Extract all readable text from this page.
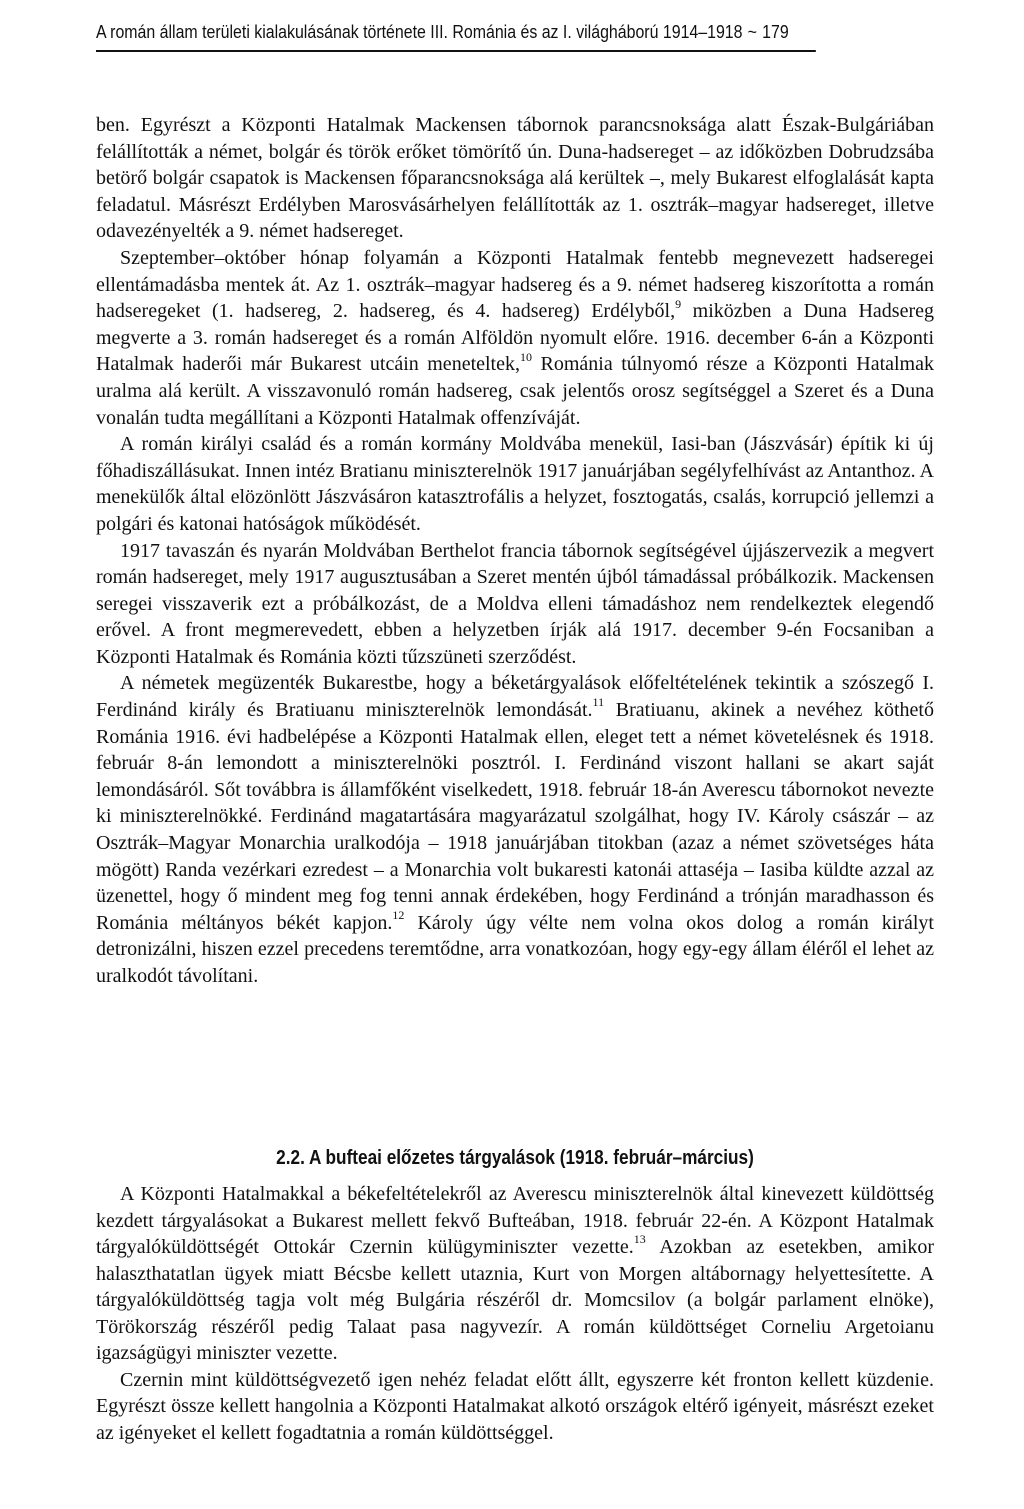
A román állam területi kialakulásának története III. Románia és az I. világháború 1914–1918 ~ 179

ben. Egyrészt a Központi Hatalmak Mackensen tábornok parancsnoksága alatt Észak-Bulgáriában felállították a német, bolgár és török erőket tömörítő ún. Duna-hadsereget – az időközben Dobrudzsába betörő bolgár csapatok is Mackensen főparancsnoksága alá kerültek –, mely Bukarest elfoglalását kapta feladatul. Másrészt Erdélyben Marosvásárhelyen felállították az 1. osztrák–magyar hadsereget, illetve odavezényelték a 9. német hadsereget.

Szeptember–október hónap folyamán a Központi Hatalmak fentebb megnevezett hadseregei ellentámadásba mentek át. Az 1. osztrák–magyar hadsereg és a 9. német hadsereg kiszorította a román hadseregeket (1. hadsereg, 2. hadsereg, és 4. hadsereg) Erdélyből,$^9$ miközben a Duna Hadsereg megverte a 3. román hadsereget és a román Alföldön nyomult előre. 1916. december 6-án a Központi Hatalmak haderői már Bukarest utcáin meneteltek,$^{10}$ Románia túlnyomó része a Központi Hatalmak uralma alá került. A visszavonuló román hadsereg, csak jelentős orosz segítséggel a Szeret és a Duna vonalán tudta megállítani a Központi Hatalmak offenzíváját.

A román királyi család és a román kormány Moldvába menekül, Iasi-ban (Jászvásár) építik ki új főhadiszállásukat. Innen intéz Bratianu miniszterelnök 1917 januárjában segélyfelhívást az Antanthoz. A menekülők által elözönlött Jászvásáron katasztrofális a helyzet, fosztogatás, csalás, korrupció jellemzi a polgári és katonai hatóságok működését.

1917 tavaszán és nyarán Moldvában Berthelot francia tábornok segítségével újjászervezik a megvert román hadsereget, mely 1917 augusztusában a Szeret mentén újból támadással próbálkozik. Mackensen seregei visszaverik ezt a próbálkozást, de a Moldva elleni támadáshoz nem rendelkeztek elegendő erővel. A front megmerevedett, ebben a helyzetben írják alá 1917. december 9-én Focsaniban a Központi Hatalmak és Románia közti tűzszüneti szerződést.

A németek megüzenték Bukarestbe, hogy a béketárgyalások előfeltételének tekintik a szószegő I. Ferdinánd király és Bratiuanu miniszterelnök lemondását.$^{11}$ Bratiuanu, akinek a nevéhez köthető Románia 1916. évi hadbelépése a Központi Hatalmak ellen, eleget tett a német követelésnek és 1918. február 8-án lemondott a miniszterelnöki posztról. I. Ferdinánd viszont hallani se akart saját lemondásáról. Sőt továbbra is államfőként viselkedett, 1918. február 18-án Averescu tábornokot nevezte ki miniszterelnökké. Ferdinánd magatartására magyarázatul szolgálhat, hogy IV. Károly császár – az Osztrák–Magyar Monarchia uralkodója – 1918 januárjában titokban (azaz a német szövetséges háta mögött) Randa vezérkari ezredest – a Monarchia volt bukaresti katonái attaséja – Iasiba küldte azzal az üzenettel, hogy ő mindent meg fog tenni annak érdekében, hogy Ferdinánd a trónján maradhasson és Románia méltányos békét kapjon.$^{12}$ Károly úgy vélte nem volna okos dolog a román királyt detronizálni, hiszen ezzel precedens teremtődne, arra vonatkozóan, hogy egy-egy állam éléről el lehet az uralkodót távolítani.

2.2. A bufteai előzetes tárgyalások (1918. február–március)

A Központi Hatalmakkal a békefeltételekről az Averescu miniszterelnök által kinevezett küldöttség kezdett tárgyalásokat a Bukarest mellett fekvő Bufteában, 1918. február 22-én. A Központ Hatalmak tárgyalóküldöttségét Ottokár Czernin külügyminiszter vezette.$^{13}$ Azokban az esetekben, amikor halaszthatatlan ügyek miatt Bécsbe kellett utaznia, Kurt von Morgen altábornagy helyettesítette. A tárgyalóküldöttség tagja volt még Bulgária részéről dr. Momcsilov (a bolgár parlament elnöke), Törökország részéről pedig Talaat pasa nagyvezír. A román küldöttséget Corneliu Argetoianu igazságügyi miniszter vezette.

Czernin mint küldöttségvezető igen nehéz feladat előtt állt, egyszerre két fronton kellett küzdenie. Egyrészt össze kellett hangolnia a Központi Hatalmakat alkotó országok eltérő igényeit, másrészt ezeket az igényeket el kellett fogadtatnia a román küldöttséggel.
